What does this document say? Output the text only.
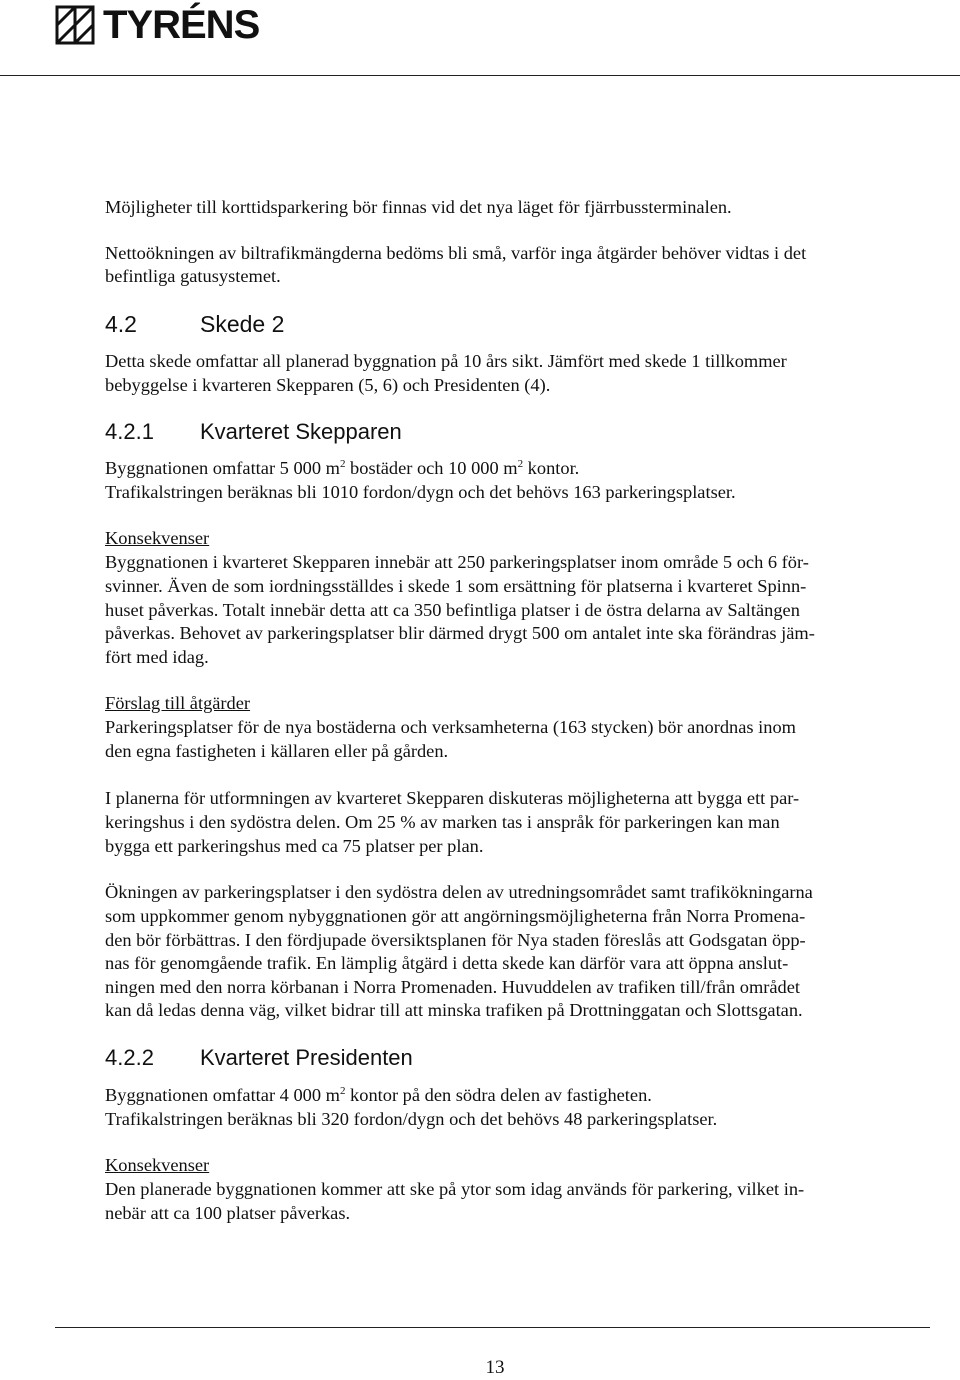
TYRÉNS

Möjligheter till korttidsparkering bör finnas vid det nya läget för fjärrbussterminalen.

Nettoökningen av biltrafikmängderna bedöms bli små, varför inga åtgärder behöver vidtas i det

befintliga gatusystemet.

4.2	Skede 2

Detta skede omfattar all planerad byggnation på 10 års sikt. Jämfört med skede 1 tillkommer

bebyggelse i kvarteren Skepparen (5, 6) och Presidenten (4).

4.2.1	Kvarteret Skepparen

Byggnationen omfattar 5 000 $m^2$ bostäder och 10 000 $m^2$ kontor.

Trafikalstringen beräknas bli 1010 fordon/dygn och det behövs 163 parkeringsplatser.

Konsekvenser

Byggnationen i kvarteret Skepparen innebär att 250 parkeringsplatser inom område 5 och 6 för-

svinner. Även de som iordningsställdes i skede 1 som ersättning för platserna i kvarteret Spinn-

huset påverkas. Totalt innebär detta att ca 350 befintliga platser i de östra delarna av Saltängen

påverkas. Behovet av parkeringsplatser blir därmed drygt 500 om antalet inte ska förändras jäm-

fört med idag.

Förslag till åtgärder

Parkeringsplatser för de nya bostäderna och verksamheterna (163 stycken) bör anordnas inom

den egna fastigheten i källaren eller på gården.

I planerna för utformningen av kvarteret Skepparen diskuteras möjligheterna att bygga ett par-

keringshus i den sydöstra delen. Om 25 % av marken tas i anspråk för parkeringen kan man

bygga ett parkeringshus med ca 75 platser per plan.

Ökningen av parkeringsplatser i den sydöstra delen av utredningsområdet samt trafikökningarna

som uppkommer genom nybyggnationen gör att angörningsmöjligheterna från Norra Promena-

den bör förbättras. I den fördjupade översiktsplanen för Nya staden föreslås att Godsgatan öpp-

nas för genomgående trafik. En lämplig åtgärd i detta skede kan därför vara att öppna anslut-

ningen med den norra körbanan i Norra Promenaden. Huvuddelen av trafiken till/från området

kan då ledas denna väg, vilket bidrar till att minska trafiken på Drottninggatan och Slottsgatan.

4.2.2	Kvarteret Presidenten

Byggnationen omfattar 4 000 $m^2$ kontor på den södra delen av fastigheten.

Trafikalstringen beräknas bli 320 fordon/dygn och det behövs 48 parkeringsplatser.

Konsekvenser

Den planerade byggnationen kommer att ske på ytor som idag används för parkering, vilket in-

nebär att ca 100 platser påverkas.

13
